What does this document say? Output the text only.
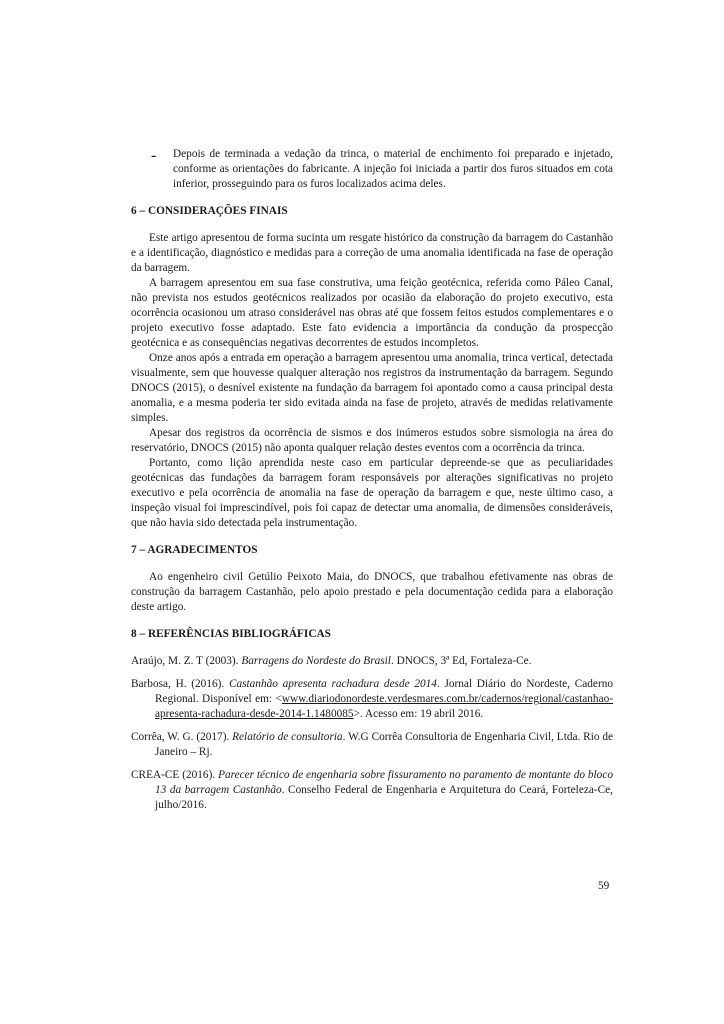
-	Depois de terminada a vedação da trinca, o material de enchimento foi preparado e injetado, conforme as orientações do fabricante. A injeção foi iniciada a partir dos furos situados em cota inferior, prosseguindo para os furos localizados acima deles.

6 – CONSIDERAÇÕES FINAIS

Este artigo apresentou de forma sucinta um resgate histórico da construção da barragem do Castanhão e a identificação, diagnóstico e medidas para a correção de uma anomalia identificada na fase de operação da barragem.

A barragem apresentou em sua fase construtiva, uma feição geotécnica, referida como Páleo Canal, não prevista nos estudos geotécnicos realizados por ocasião da elaboração do projeto executivo, esta ocorrência ocasionou um atraso considerável nas obras até que fossem feitos estudos complementares e o projeto executivo fosse adaptado. Este fato evidencia a importância da condução da prospecção geotécnica e as consequências negativas decorrentes de estudos incompletos.

Onze anos após a entrada em operação a barragem apresentou uma anomalia, trinca vertical, detectada visualmente, sem que houvesse qualquer alteração nos registros da instrumentação da barragem. Segundo DNOCS (2015), o desnível existente na fundação da barragem foi apontado como a causa principal desta anomalia, e a mesma poderia ter sido evitada ainda na fase de projeto, através de medidas relativamente simples.

Apesar dos registros da ocorrência de sismos e dos inúmeros estudos sobre sismologia na área do reservatório, DNOCS (2015) não aponta qualquer relação destes eventos com a ocorrência da trinca.

Portanto, como lição aprendida neste caso em particular depreende-se que as peculiaridades geotécnicas das fundações da barragem foram responsáveis por alterações significativas no projeto executivo e pela ocorrência de anomalia na fase de operação da barragem e que, neste último caso, a inspeção visual foi imprescindível, pois foi capaz de detectar uma anomalia, de dimensões consideráveis, que não havia sido detectada pela instrumentação.

7 – AGRADECIMENTOS

Ao engenheiro civil Getúlio Peixoto Maia, do DNOCS, que trabalhou efetivamente nas obras de construção da barragem Castanhão, pelo apoio prestado e pela documentação cedida para a elaboração deste artigo.

8 – REFERÊNCIAS BIBLIOGRÁFICAS

Araújo, M. Z. T (2003). Barragens do Nordeste do Brasil. DNOCS, 3ª Ed, Fortaleza-Ce.

Barbosa, H. (2016). Castanhão apresenta rachadura desde 2014. Jornal Diário do Nordeste, Caderno Regional. Disponível em: <www.diariodonordeste.verdesmares.com.br/cadernos/regional/castanhao-apresenta-rachadura-desde-2014-1.1480085>. Acesso em: 19 abril 2016.

Corrêa, W. G. (2017). Relatório de consultoria. W.G Corrêa Consultoria de Engenharia Civil, Ltda. Rio de Janeiro – Rj.

CREA-CE (2016). Parecer técnico de engenharia sobre fissuramento no paramento de montante do bloco 13 da barragem Castanhão. Conselho Federal de Engenharia e Arquitetura do Ceará, Forteleza-Ce, julho/2016.

59
